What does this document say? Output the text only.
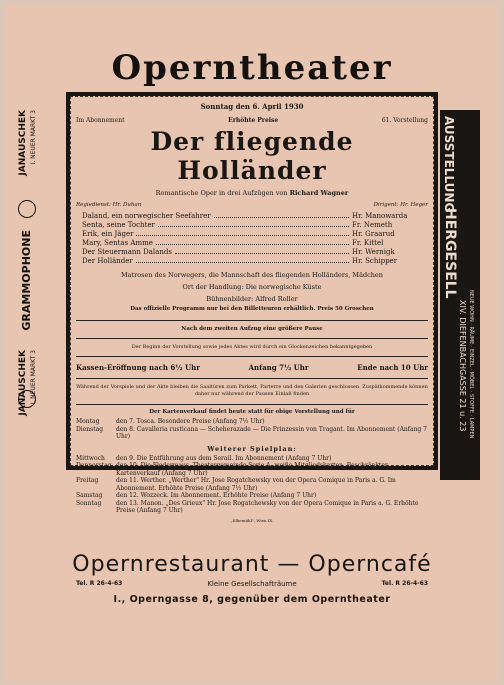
Operntheater
JANAUSCHEK I. NEUER MARKT 3
GRAMMOPHONE
JANAUSCHEK I. NEUER MARKT 3	AUSSTELLUNG
HERGESELL
XIV. DIEFENBACHGASSE 21 u. 23 NEUE WOHN · RÄUME · EINZEL · MÖBEL · STOFFE · LAMPEN
Sonntag den 6. April 1930
Im Abonnement	Erhöhte Preise	61. Vorstellung
Der fliegende Holländer
Romantische Oper in drei Aufzügen von Richard Wagner
Regiedienst: Hr. Duhan	Dirigent: Hr. Heger
Daland, ein norwegischer Seefahrer	Hr. Manowarda
Senta, seine Tochter	Fr. Nemeth
Erik, ein Jäger	Hr. Graarud
Mary, Sentas Amme	Fr. Kittel
Der Steuermann Dalands	Hr. Wernigk
Der Holländer	Hr. Schipper
Matrosen des Norwegers, die Mannschaft des fliegenden Holländers, Mädchen
Ort der Handlung: Die norwegische Küste
Bühnenbilder: Alfred Roller
Das offizielle Programm nur bei den Billetteuren erhältlich. Preis 50 Groschen
Nach dem zweiten Aufzug eine größere Pause
Der Beginn der Vorstellung sowie jedes Aktes wird durch ein Glockenzeichen bekanntgegeben
Kassen-Eröffnung nach 6½ Uhr	Anfang 7½ Uhr	Ende nach 10 Uhr
Während der Vorspiele und der Akte bleiben die Saaltüren zum Parkett, Parterre und den Galerien geschlossen. Zuspätkommende können daher nur während der Pausen Einlaß finden
Der Kartenverkauf findet heute statt für obige Vorstellung und für
Montag	den 7. Tosca. Besondere Preise (Anfang 7½ Uhr)
Dienstag	den 8. Cavalleria rusticana — Scheherazade — Die Prinzessin von Tragant. Im Abonnement (Anfang 7 Uhr)
Weiterer Spielplan:
Mittwoch	den 9. Die Entführung aus dem Serail. Im Abonnement (Anfang 7 Uhr)
Donnerstag den 10. Die Fledermaus. Theatergemeinde Serie A. weiße Mitgliedskarten. Beschränkter Kartenverkauf (Anfang 7 Uhr)
Freitag	den 11. Werther. „Werther" Hr. Jose Rogatchewsky von der Opera Comique in Paris a. G. Im Abonnement. Erhöhte Preise (Anfang 7½ Uhr)
Samstag	den 12. Wozzeck. Im Abonnement. Erhöhte Preise (Anfang 7 Uhr)
Sonntag	den 13. Manon. „Des Grieux" Hr. Jose Rogatchewsky von der Opera Comique in Paris a. G. Erhöhte Preise (Anfang 7 Uhr)
„Elbemühl", Wien IX.
Opernrestaurant — Operncafé
Tel. R 26-4-63	Kleine Gesellschafträume	Tel. R 26-4-63
I., Operngasse 8, gegenüber dem Operntheater
